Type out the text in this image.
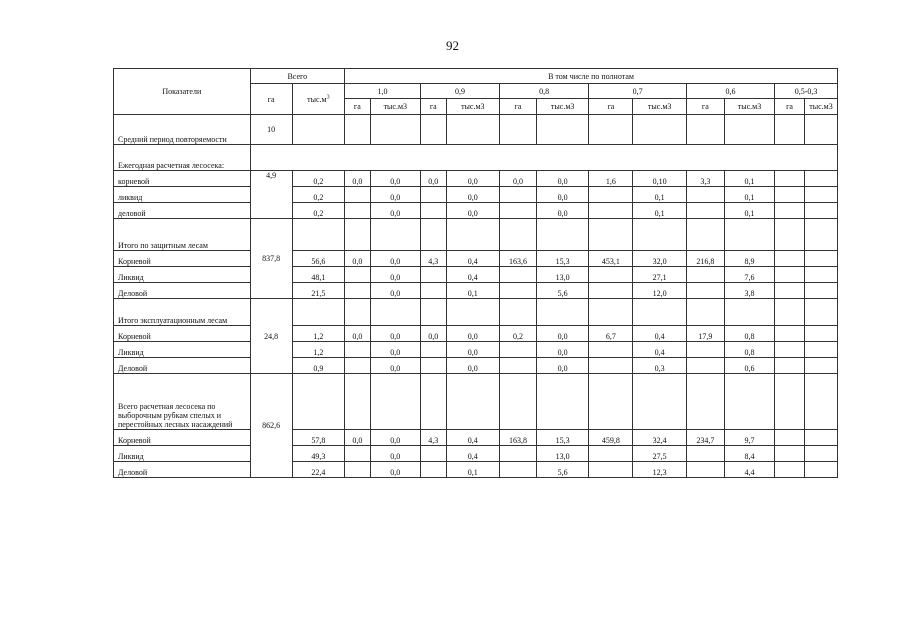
92
Показатели	Всего		В том числе по полнотам											
	га	$тыс.м^3$	1,0		0,9		0,8		0,7		0,6		0,5-0,3	
			га	тыс.м3	га	тыс.м3	га	тыс.м3	га	тыс.м3	га	тыс.м3	га	тыс.м3
Средний период повторяемости	10													
Ежегодная расчетная лесосека:														
корневой	4,9	0,2	0,0	0,0	0,0	0,0	0,0	0,0	1,6	0,10	3,3	0,1		
ликвид		0,2		0,0		0,0		0,0		0,1		0,1		
деловой		0,2		0,0		0,0		0,0		0,1		0,1		
Итого по защитным лесам	837,8													
Корневой		56,6	0,0	0,0	4,3	0,4	163,6	15,3	453,1	32,0	216,8	8,9		
Ликвид		48,1		0,0		0,4		13,0		27,1		7,6		
Деловой		21,5		0,0		0,1		5,6		12,0		3,8		
Итого эксплуатационным лесам	24,8													
Корневой		1,2	0,0	0,0	0,0	0,0	0,2	0,0	6,7	0,4	17,9	0,8		
Ликвид		1,2		0,0		0,0		0,0		0,4		0,8		
Деловой		0,9		0,0		0,0		0,0		0,3		0,6		
Всего расчетная лесосека по выборочным рубкам спелых и перестойных лесных насаждений	862,6													
Корневой		57,8	0,0	0,0	4,3	0,4	163,8	15,3	459,8	32,4	234,7	9,7		
Ликвид		49,3		0,0		0,4		13,0		27,5		8,4		
Деловой		22,4		0,0		0,1		5,6		12,3		4,4		
